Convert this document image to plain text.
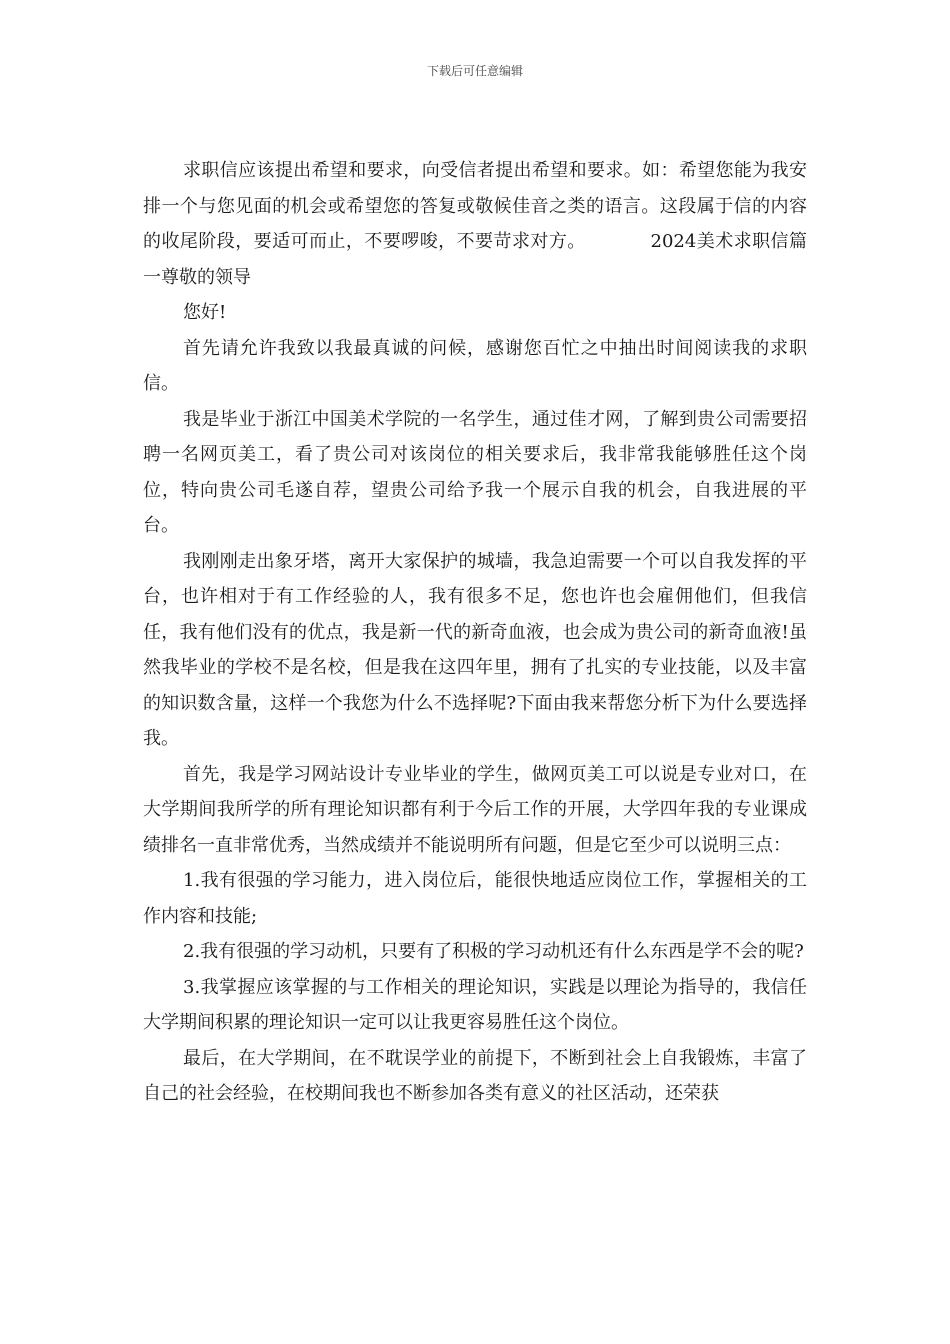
下载后可任意编辑

求职信应该提出希望和要求，向受信者提出希望和要求。如：希望您能为我安排一个与您见面的机会或希望您的答复或敬候佳音之类的语言。这段属于信的内容的收尾阶段，要适可而止，不要啰唆，不要苛求对方。　　　　2024美术求职信篇一尊敬的领导

您好!

首先请允许我致以我最真诚的问候，感谢您百忙之中抽出时间阅读我的求职信。

我是毕业于浙江中国美术学院的一名学生，通过佳才网，了解到贵公司需要招聘一名网页美工，看了贵公司对该岗位的相关要求后，我非常我能够胜任这个岗位，特向贵公司毛遂自荐，望贵公司给予我一个展示自我的机会，自我进展的平台。

我刚刚走出象牙塔，离开大家保护的城墙，我急迫需要一个可以自我发挥的平台，也许相对于有工作经验的人，我有很多不足，您也许也会雇佣他们，但我信任，我有他们没有的优点，我是新一代的新奇血液，也会成为贵公司的新奇血液!虽然我毕业的学校不是名校，但是我在这四年里，拥有了扎实的专业技能，以及丰富的知识数含量，这样一个我您为什么不选择呢?下面由我来帮您分析下为什么要选择我。

首先，我是学习网站设计专业毕业的学生，做网页美工可以说是专业对口，在大学期间我所学的所有理论知识都有利于今后工作的开展，大学四年我的专业课成绩排名一直非常优秀，当然成绩并不能说明所有问题，但是它至少可以说明三点：

1.我有很强的学习能力，进入岗位后，能很快地适应岗位工作，掌握相关的工作内容和技能;

2.我有很强的学习动机，只要有了积极的学习动机还有什么东西是学不会的呢?

3.我掌握应该掌握的与工作相关的理论知识，实践是以理论为指导的，我信任大学期间积累的理论知识一定可以让我更容易胜任这个岗位。

最后，在大学期间，在不耽误学业的前提下，不断到社会上自我锻炼，丰富了自己的社会经验，在校期间我也不断参加各类有意义的社区活动，还荣获
